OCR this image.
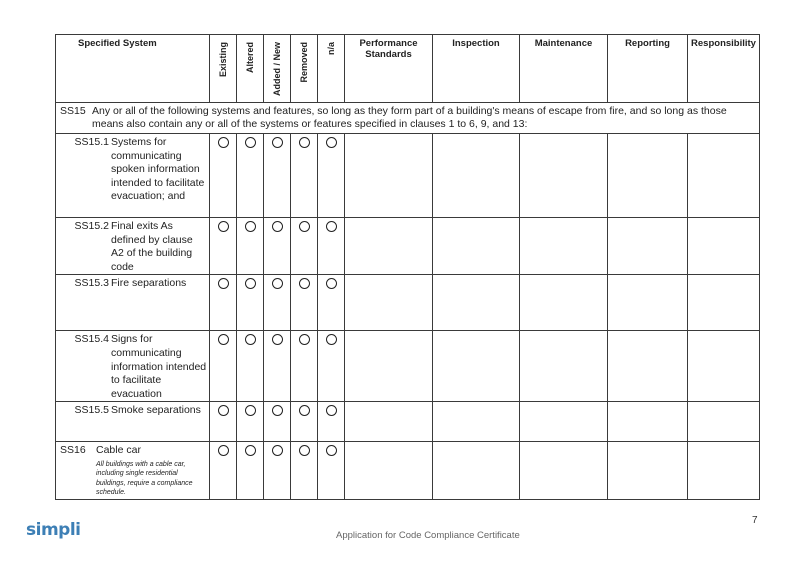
Specified System	Existing	Altered	Added / New	Removed	n/a	Performance Standards	Inspection	Maintenance	Reporting	Responsibility

SS15 Any or all of the following systems and features, so long as they form part of a building's means of escape from fire, and so long as those
means also contain any or all of the systems or features specified in clauses 1 to 6, 9, and 13:										

SS15.1 Systems for communicating spoken information intended to facilitate evacuation; and										

SS15.2 Final exits As defined by clause A2 of the building code										

SS15.3 Fire separations										

SS15.4 Signs for communicating information intended to facilitate evacuation										

SS15.5 Smoke separations										

SS16 Cable car
All buildings with a cable car, including single residential buildings, require a compliance schedule.										

simpli	Application for Code Compliance Certificate
7
